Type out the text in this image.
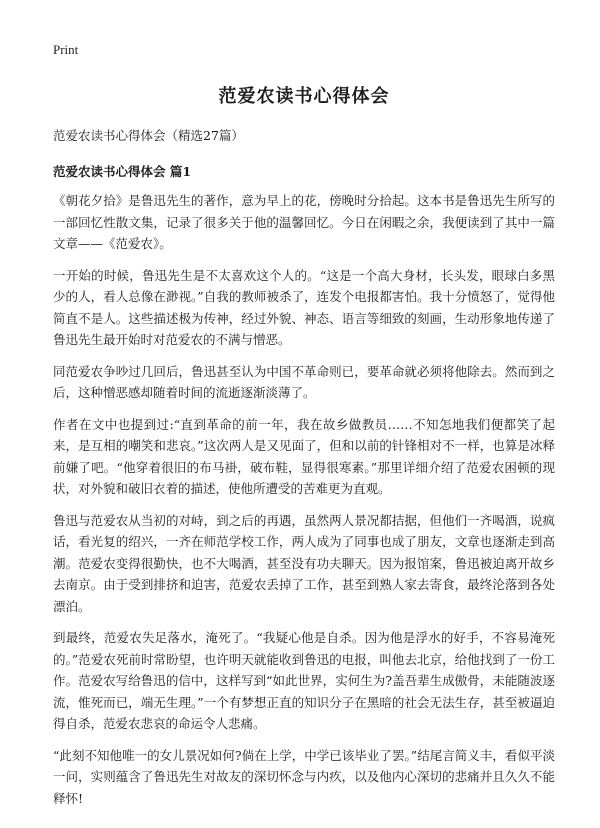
Print
范爱农读书心得体会

范爱农读书心得体会（精选27篇）

范爱农读书心得体会 篇1

《朝花夕拾》是鲁迅先生的著作，意为早上的花，傍晚时分拾起。这本书是鲁迅先生所写的一部回忆性散文集，记录了很多关于他的温馨回忆。今日在闲暇之余，我便读到了其中一篇文章——《范爱农》。

一开始的时候，鲁迅先生是不太喜欢这个人的。“这是一个高大身材，长头发，眼球白多黑少的人，看人总像在渺视。”自我的教师被杀了，连发个电报都害怕。我十分愤怒了，觉得他简直不是人。这些描述极为传神，经过外貌、神态、语言等细致的刻画，生动形象地传递了鲁迅先生最开始时对范爱农的不满与憎恶。

同范爱农争吵过几回后，鲁迅甚至认为中国不革命则已，要革命就必须将他除去。然而到之后，这种憎恶感却随着时间的流逝逐渐淡薄了。

作者在文中也提到过:“直到革命的前一年，我在故乡做教员……不知怎地我们便都笑了起来，是互相的嘲笑和悲哀。”这次两人是又见面了，但和以前的针锋相对不一样，也算是冰释前嫌了吧。“他穿着很旧的布马褂，破布鞋，显得很寒素。”那里详细介绍了范爱农困顿的现状，对外貌和破旧衣着的描述，使他所遭受的苦难更为直观。

鲁迅与范爱农从当初的对峙，到之后的再遇，虽然两人景况都拮据，但他们一齐喝酒，说疯话，看光复的绍兴，一齐在师范学校工作，两人成为了同事也成了朋友，文章也逐渐走到高潮。范爱农变得很勤快，也不大喝酒，甚至没有功夫聊天。因为报馆案，鲁迅被迫离开故乡去南京。由于受到排挤和迫害，范爱农丢掉了工作，甚至到熟人家去寄食，最终沦落到各处漂泊。

到最终，范爱农失足落水，淹死了。“我疑心他是自杀。因为他是浮水的好手，不容易淹死的。”范爱农死前时常盼望，也许明天就能收到鲁迅的电报，叫他去北京，给他找到了一份工作。范爱农写给鲁迅的信中，这样写到“如此世界，实何生为?盖吾辈生成傲骨，未能随波逐流，惟死而已，端无生理。”一个有梦想正直的知识分子在黑暗的社会无法生存，甚至被逼迫得自杀，范爱农悲哀的命运令人悲痛。

“此刻不知他唯一的女儿景况如何?倘在上学，中学已该毕业了罢。”结尾言简义丰，看似平淡一问，实则蕴含了鲁迅先生对故友的深切怀念与内疚，以及他内心深切的悲痛并且久久不能释怀!
